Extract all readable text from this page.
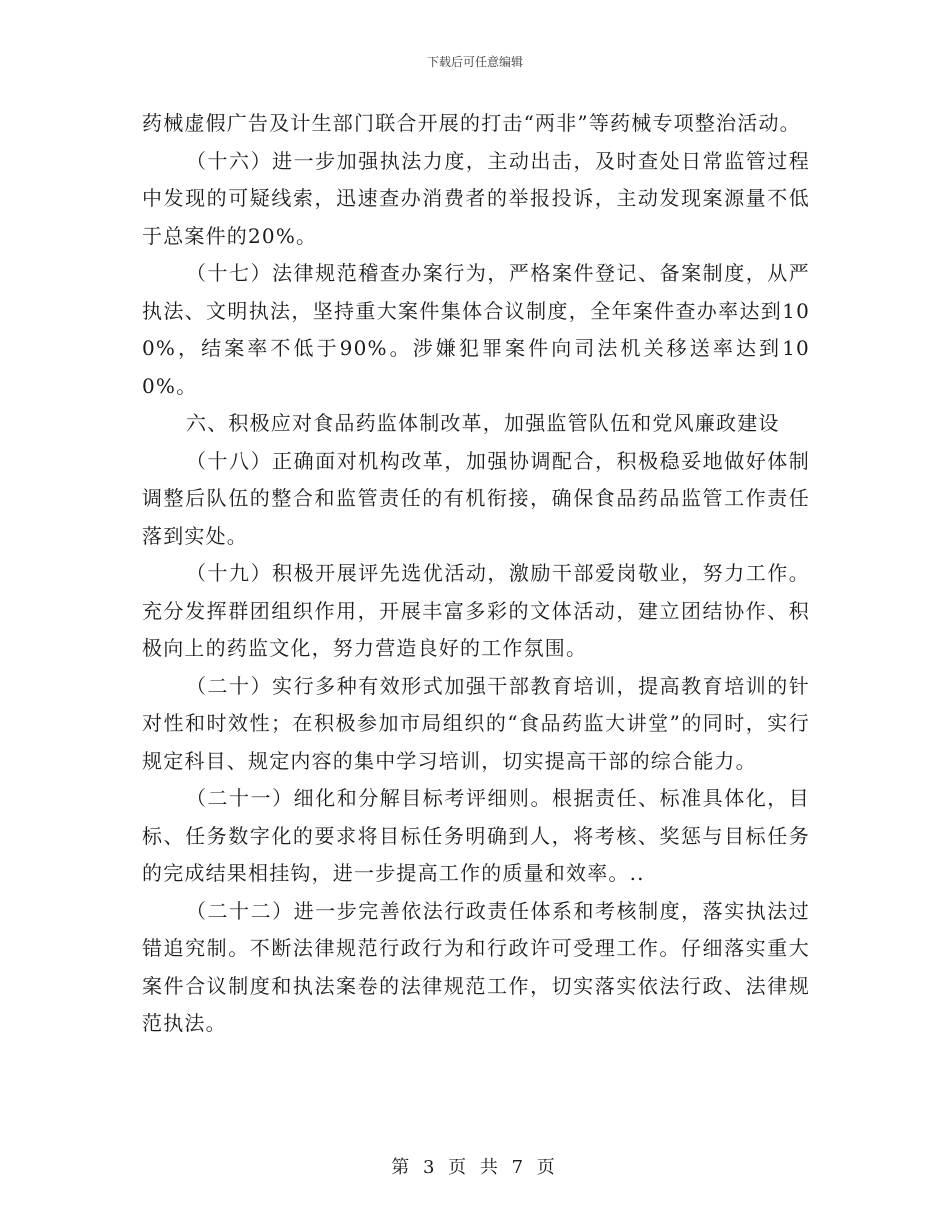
下载后可任意编辑

药械虚假广告及计生部门联合开展的打击“两非”等药械专项整治活动。

（十六）进一步加强执法力度，主动出击，及时查处日常监管过程中发现的可疑线索，迅速查办消费者的举报投诉，主动发现案源量不低于总案件的20%。

（十七）法律规范稽查办案行为，严格案件登记、备案制度，从严执法、文明执法，坚持重大案件集体合议制度，全年案件查办率达到100%，结案率不低于90%。涉嫌犯罪案件向司法机关移送率达到100%。

六、积极应对食品药监体制改革，加强监管队伍和党风廉政建设

（十八）正确面对机构改革，加强协调配合，积极稳妥地做好体制调整后队伍的整合和监管责任的有机衔接，确保食品药品监管工作责任落到实处。

（十九）积极开展评先选优活动，激励干部爱岗敬业，努力工作。充分发挥群团组织作用，开展丰富多彩的文体活动，建立团结协作、积极向上的药监文化，努力营造良好的工作氛围。

（二十）实行多种有效形式加强干部教育培训，提高教育培训的针对性和时效性；在积极参加市局组织的“食品药监大讲堂”的同时，实行规定科目、规定内容的集中学习培训，切实提高干部的综合能力。

（二十一）细化和分解目标考评细则。根据责任、标准具体化，目标、任务数字化的要求将目标任务明确到人，将考核、奖惩与目标任务的完成结果相挂钩，进一步提高工作的质量和效率。..

（二十二）进一步完善依法行政责任体系和考核制度，落实执法过错追究制。不断法律规范行政行为和行政许可受理工作。仔细落实重大案件合议制度和执法案卷的法律规范工作，切实落实依法行政、法律规范执法。

第 3 页 共 7 页
